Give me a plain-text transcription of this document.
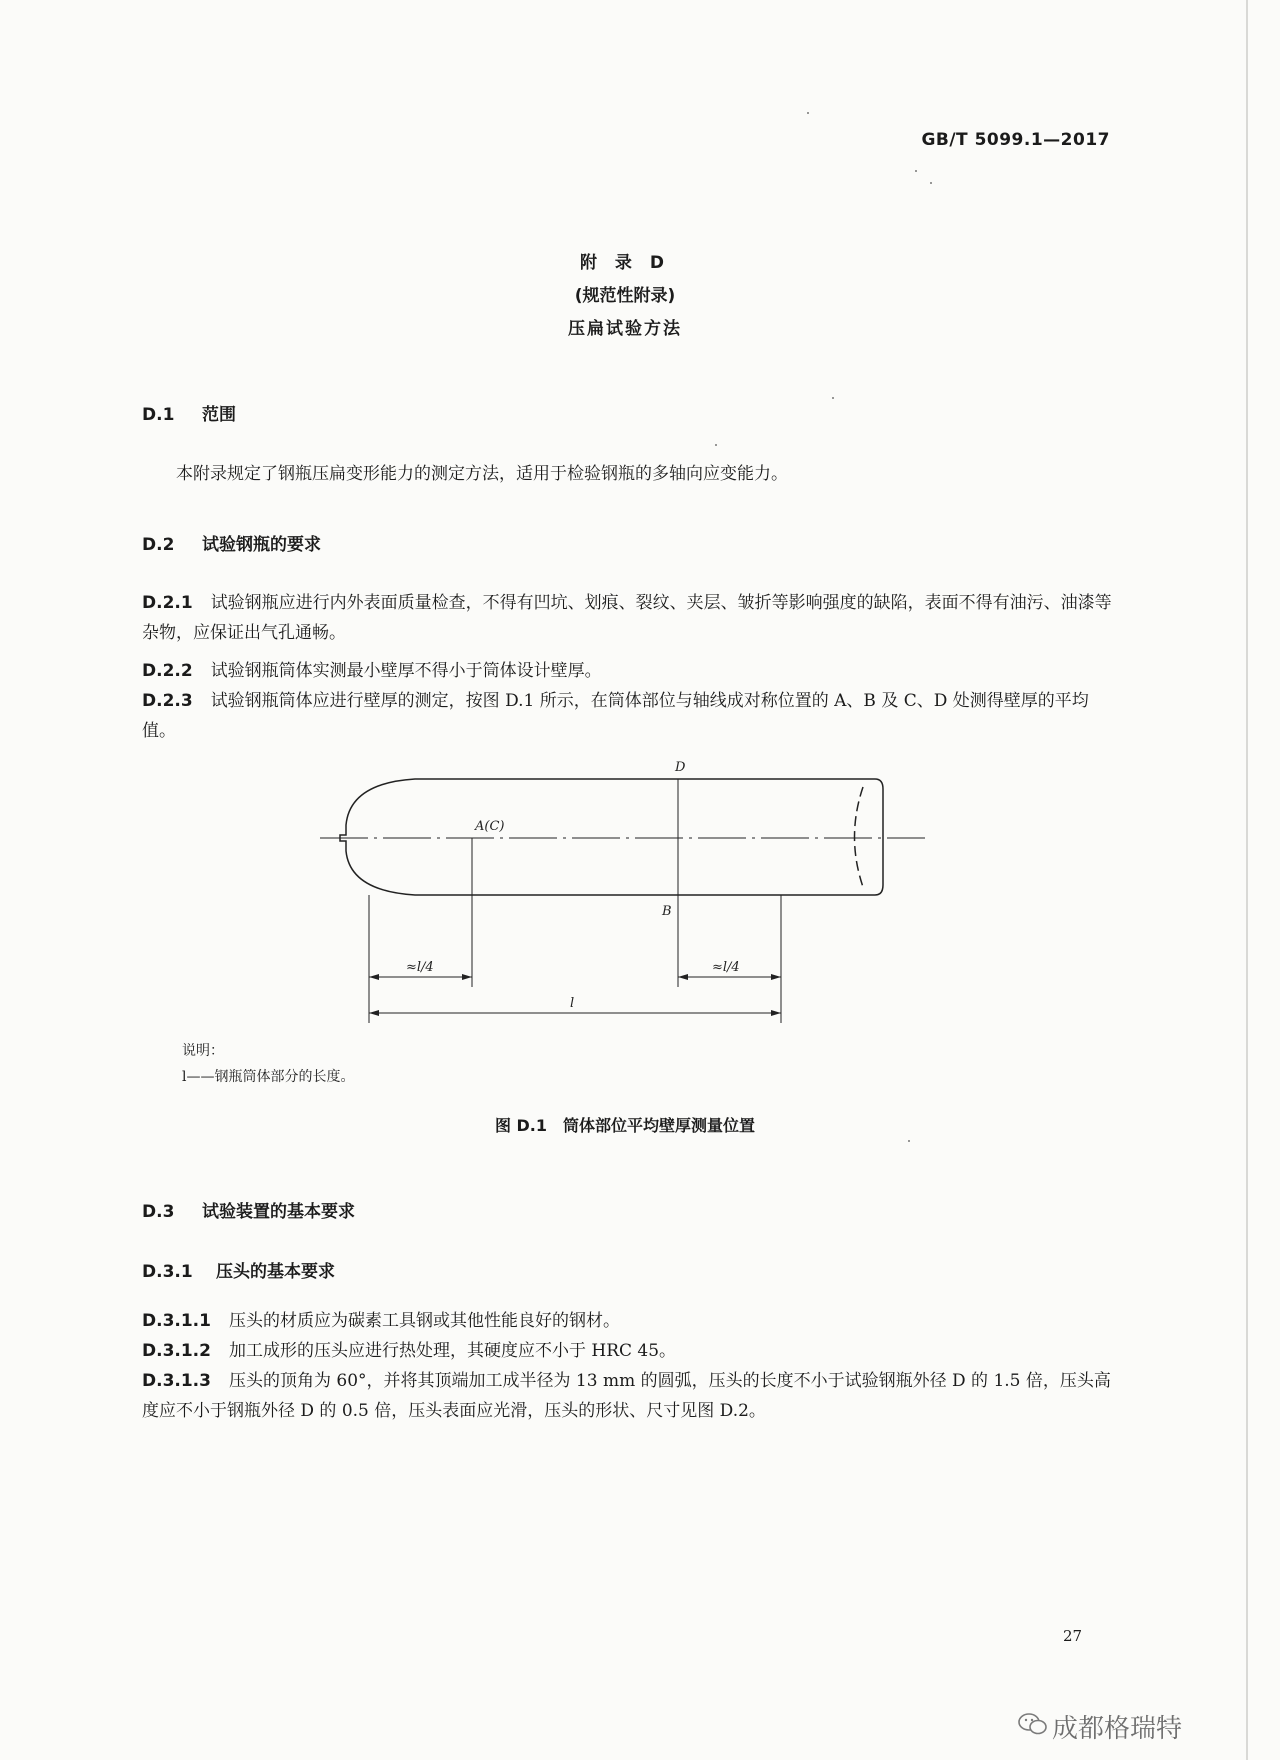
GB/T 5099.1—2017
附 录 D
(规范性附录)
压扁试验方法
D.1 范围
本附录规定了钢瓶压扁变形能力的测定方法，适用于检验钢瓶的多轴向应变能力。
D.2 试验钢瓶的要求
D.2.1 试验钢瓶应进行内外表面质量检查，不得有凹坑、划痕、裂纹、夹层、皱折等影响强度的缺陷，表面不得有油污、油漆等杂物，应保证出气孔通畅。
D.2.2 试验钢瓶筒体实测最小壁厚不得小于筒体设计壁厚。
D.2.3 试验钢瓶筒体应进行壁厚的测定，按图 D.1 所示，在筒体部位与轴线成对称位置的 A、B 及 C、D 处测得壁厚的平均值。
D
A(C)
B
≈l/4	≈l/4
l
说明：
l——钢瓶筒体部分的长度。
图 D.1　筒体部位平均壁厚测量位置
D.3 试验装置的基本要求
D.3.1 压头的基本要求
D.3.1.1 压头的材质应为碳素工具钢或其他性能良好的钢材。
D.3.1.2 加工成形的压头应进行热处理，其硬度应不小于 HRC 45。
D.3.1.3 压头的顶角为 60°，并将其顶端加工成半径为 13 mm 的圆弧，压头的长度不小于试验钢瓶外径 D 的 1.5 倍，压头高度应不小于钢瓶外径 D 的 0.5 倍，压头表面应光滑，压头的形状、尺寸见图 D.2。
27
成都格瑞特
